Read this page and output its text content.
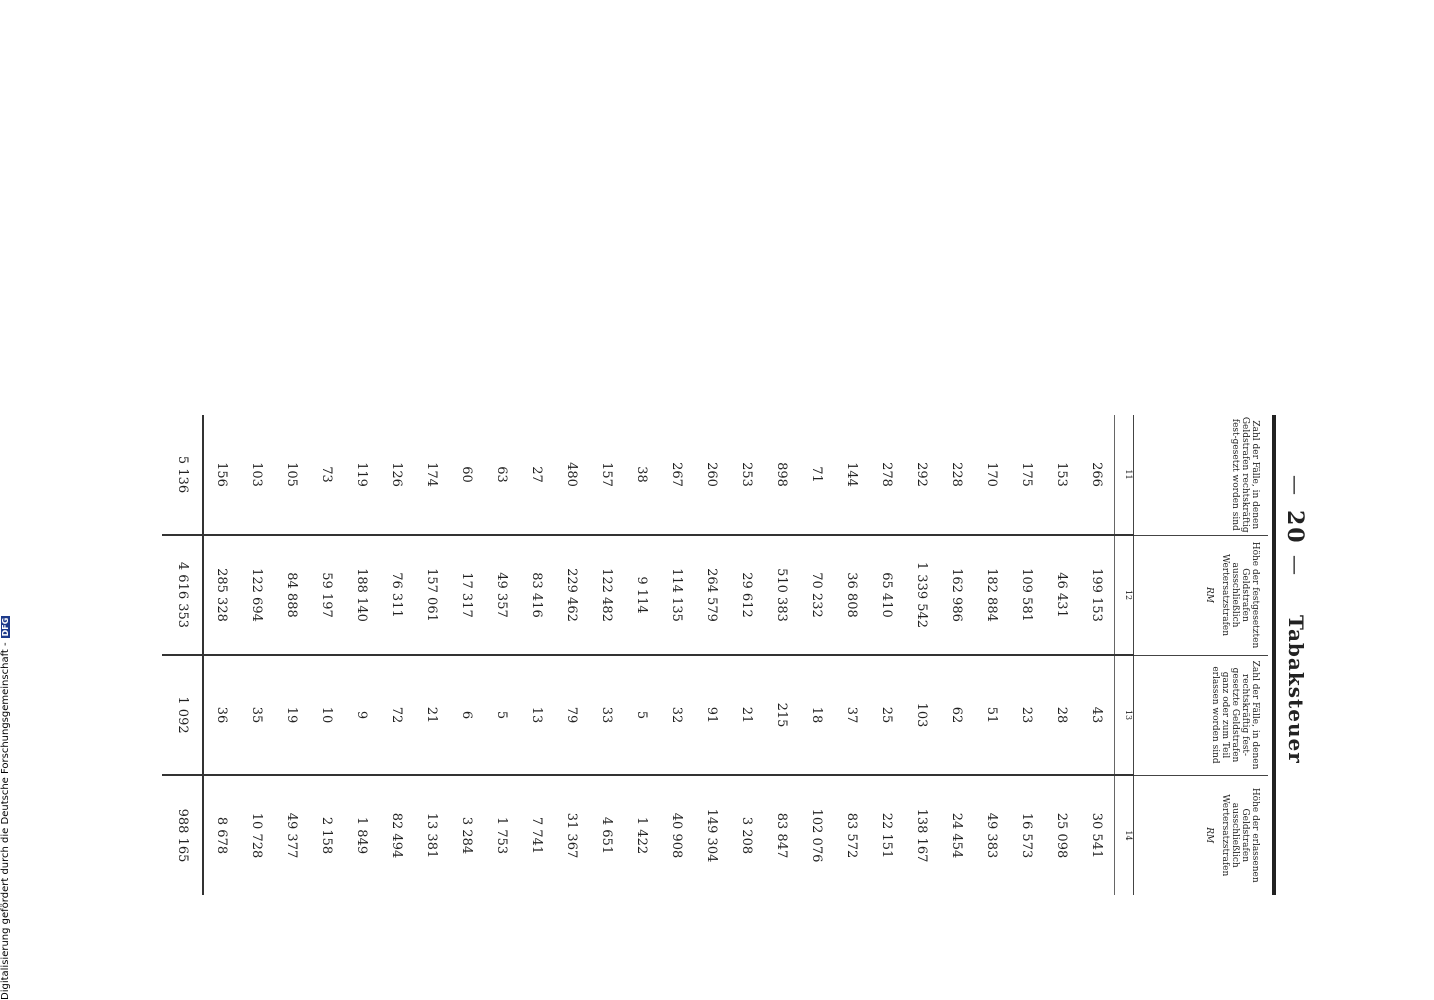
—
20
—
Tabaksteuer
Zahl der Fälle, in denen Geldstrafen rechtskräftig fest-gesetzt worden sind	Höhe der festgesetzten Geldstrafen ausschließlich Wertersatzstrafen
RM	Zahl der Fälle, in denen rechtskräftig fest-gesetzte Geldstrafen ganz oder zum Teil erlassen worden sind	Höhe der erlassenen Geldstrafen ausschließlich Wertersatzstrafen
RM

11	12	13	14
266	199 153	43	30 541
153	46 431	28	25 098
175	109 581	23	16 573
170	182 884	51	49 383
228	162 986	62	24 454
292	1 339 542	103	138 167
278	65 410	25	22 151
144	36 808	37	83 572
71	70 232	18	102 076
898	510 383	215	83 847
253	29 612	21	3 208
260	264 579	91	149 304
267	114 135	32	40 908
38	9 114	5	1 422
157	122 482	33	4 651
480	229 462	79	31 367
27	83 416	13	7 741
63	49 357	5	1 753
60	17 317	6	3 284
174	157 061	21	13 381
126	76 311	72	82 494
119	188 140	9	1 849
73	59 197	10	2 158
105	84 888	19	49 377
103	122 694	35	10 728
156	285 328	36	8 678
5 136	4 616 353	1 092	988 165
Digitalisierung gefördert durch die Deutsche Forschungsgemeinschaft -DFG
